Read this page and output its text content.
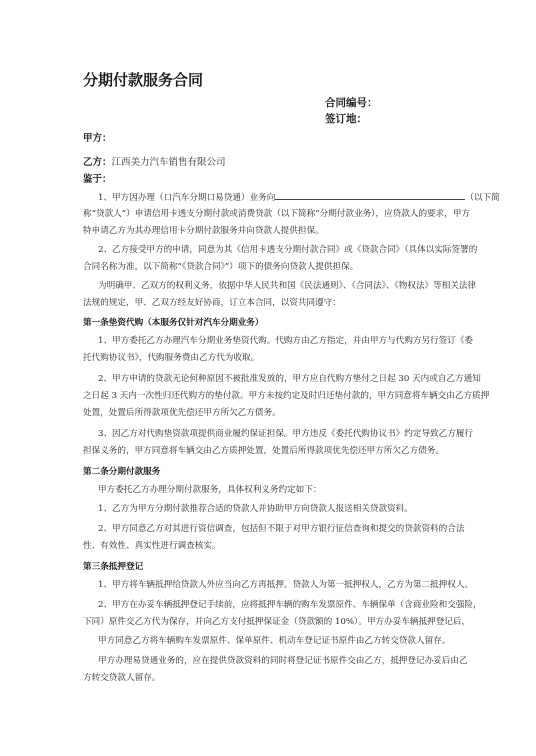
分期付款服务合同
合同编号：
签订地：
甲方：
乙方：江西美力汽车销售有限公司
鉴于：
1、甲方因办理（口汽车分期口易贷通）业务向	（以下简
称“贷款人”）申请信用卡透支分期付款或消费贷款（以下简称“分期付款业务），应贷款人的要求，甲方
特申请乙方为其办理信用卡分期付款服务并向贷款人提供担保。
2、乙方接受甲方的申请，同意为其《信用卡透支分期付款合同》或《贷款合同》（具体以实际签署的
合同名称为准，以下简称“《贷款合同》”）项下的债务向贷款人提供担保。
为明确甲、乙双方的权利义务，依据中华人民共和国《民法通则》、《合同法》、《物权法》等相关法律
法规的规定，甲、乙双方经友好协商，订立本合同，以资共同遵守：
第一条垫资代购（本服务仅针对汽车分期业务）
1、甲方委托乙方办理汽车分期业务垫资代购。代购方由乙方指定，并由甲方与代购方另行签订《委
托代购协议书》，代购服务费由乙方代为收取。
2、甲方申请的贷款无论何种原因不被批准发放的，甲方应自代购方垫付之日起 30 天内或自乙方通知
之日起 3 天内一次性归还代购方的垫付款。甲方未按约定及时归还垫付款的，甲方同意将车辆交由乙方质押
处置，处置后所得款项优先偿还甲方所欠乙方债务。
3、因乙方对代购垫资款项提供商业履约保证担保。甲方违反《委托代购协议书》约定导致乙方履行
担保义务的，甲方同意将车辆交由乙方质押处置，处置后所得款项优先偿还甲方所欠乙方债务。
第二条分期付款服务
甲方委托乙方办理分期付款服务，具体权利义务约定如下：
1、乙方为甲方分期付款推荐合适的贷款人并协助甲方向贷款人报送相关贷款资料。
2、甲方同意乙方对其进行资信调查，包括但不限于对甲方银行征信查询和提交的贷款资料的合法
性、有效性、真实性进行调查核实。
第三条抵押登记
1、甲方将车辆抵押给贷款人外应当向乙方再抵押。贷款人为第一抵押权人，乙方为第二抵押权人。
2、甲方在办妥车辆抵押登记手续前，应将抵押车辆的购车发票原件、车辆保单（含商业险和交强险，
下同）原件交乙方代为保存，并向乙方支付抵押保证金（贷款额的 10%）。甲方办妥车辆抵押登记后，
甲方同意乙方将车辆购车发票原件、保单原件、机动车登记证书原件由乙方转交贷款人留存。
甲方办理易贷通业务的，应在提供贷款资料的同时将登记证书原件交由乙方，抵押登记办妥后由乙
方转交贷款人留存。
